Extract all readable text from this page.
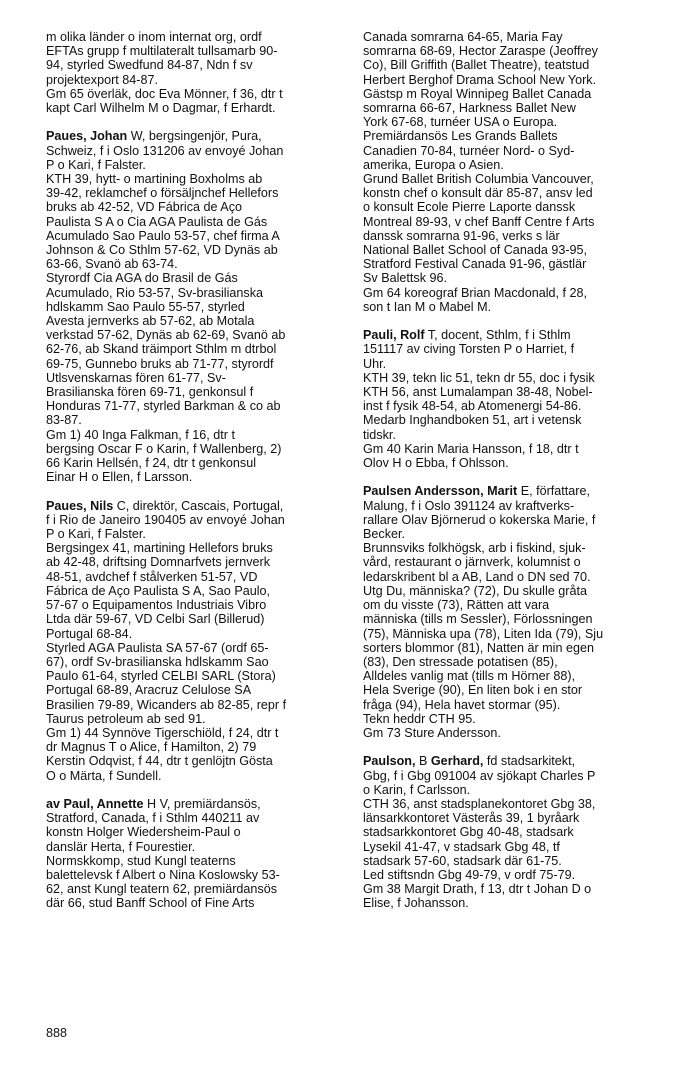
m olika länder o inom internat org, ordf
EFTAs grupp f multilateralt tullsamarb 90-
94, styrled Swedfund 84-87, Ndn f sv
projektexport 84-87.
Gm 65 överläk, doc Eva Mönner, f 36, dtr t
kapt Carl Wilhelm M o Dagmar, f Erhardt.
Paues, Johan W, bergsingenjör, Pura,
Schweiz, f i Oslo 131206 av envoyé Johan
P o Kari, f Falster.
KTH 39, hytt- o martining Boxholms ab
39-42, reklamchef o försäljnchef Hellefors
bruks ab 42-52, VD Fábrica de Aço
Paulista S A o Cia AGA Paulista de Gás
Acumulado Sao Paulo 53-57, chef firma A
Johnson & Co Sthlm 57-62, VD Dynäs ab
63-66, Svanö ab 63-74.
Styrordf Cia AGA do Brasil de Gás
Acumulado, Rio 53-57, Sv-brasilianska
hdlskamm Sao Paulo 55-57, styrled
Avesta jernverks ab 57-62, ab Motala
verkstad 57-62, Dynäs ab 62-69, Svanö ab
62-76, ab Skand träimport Sthlm m dtrbol
69-75, Gunnebo bruks ab 71-77, styrordf
Utlsvenskarnas fören 61-77, Sv-
Brasilianska fören 69-71, genkonsul f
Honduras 71-77, styrled Barkman & co ab
83-87.
Gm 1) 40 Inga Falkman, f 16, dtr t
bergsing Oscar F o Karin, f Wallenberg, 2)
66 Karin Hellsén, f 24, dtr t genkonsul
Einar H o Ellen, f Larsson.
Paues, Nils C, direktör, Cascais, Portugal,
f i Rio de Janeiro 190405 av envoyé Johan
P o Kari, f Falster.
Bergsingex 41, martining Hellefors bruks
ab 42-48, driftsing Domnarfvets jernverk
48-51, avdchef f stålverken 51-57, VD
Fábrica de Aço Paulista S A, Sao Paulo,
57-67 o Equipamentos Industriais Vibro
Ltda där 59-67, VD Celbi Sarl (Billerud)
Portugal 68-84.
Styrled AGA Paulista SA 57-67 (ordf 65-
67), ordf Sv-brasilianska hdlskamm Sao
Paulo 61-64, styrled CELBI SARL (Stora)
Portugal 68-89, Aracruz Celulose SA
Brasilien 79-89, Wicanders ab 82-85, repr f
Taurus petroleum ab sed 91.
Gm 1) 44 Synnöve Tigerschiöld, f 24, dtr t
dr Magnus T o Alice, f Hamilton, 2) 79
Kerstin Odqvist, f 44, dtr t genlöjtn Gösta
O o Märta, f Sundell.
av Paul, Annette H V, premiärdansös,
Stratford, Canada, f i Sthlm 440211 av
konstn Holger Wiedersheim-Paul o
danslär Herta, f Fourestier.
Normskkomp, stud Kungl teaterns
balettelevsk f Albert o Nina Koslowsky 53-
62, anst Kungl teatern 62, premiärdansös
där 66, stud Banff School of Fine Arts
Canada somrarna 64-65, Maria Fay
somrarna 68-69, Hector Zaraspe (Jeoffrey
Co), Bill Griffith (Ballet Theatre), teatstud
Herbert Berghof Drama School New York.
Gästsp m Royal Winnipeg Ballet Canada
somrarna 66-67, Harkness Ballet New
York 67-68, turnéer USA o Europa.
Premiärdansös Les Grands Ballets
Canadien 70-84, turnéer Nord- o Syd-
amerika, Europa o Asien.
Grund Ballet British Columbia Vancouver,
konstn chef o konsult där 85-87, ansv led
o konsult Ecole Pierre Laporte danssk
Montreal 89-93, v chef Banff Centre f Arts
danssk somrarna 91-96, verks s lär
National Ballet School of Canada 93-95,
Stratford Festival Canada 91-96, gästlär
Sv Balettsk 96.
Gm 64 koreograf Brian Macdonald, f 28,
son t Ian M o Mabel M.
Pauli, Rolf T, docent, Sthlm, f i Sthlm
151117 av civing Torsten P o Harriet, f
Uhr.
KTH 39, tekn lic 51, tekn dr 55, doc i fysik
KTH 56, anst Lumalampan 38-48, Nobel-
inst f fysik 48-54, ab Atomenergi 54-86.
Medarb Inghandboken 51, art i vetensk
tidskr.
Gm 40 Karin Maria Hansson, f 18, dtr t
Olov H o Ebba, f Ohlsson.
Paulsen Andersson, Marit E, författare,
Malung, f i Oslo 391124 av kraftverks-
rallare Olav Björnerud o kokerska Marie, f
Becker.
Brunnsviks folkhögsk, arb i fiskind, sjuk-
vård, restaurant o järnverk, kolumnist o
ledarskribent bl a AB, Land o DN sed 70.
Utg Du, människa? (72), Du skulle gråta
om du visste (73), Rätten att vara
människa (tills m Sessler), Förlossningen
(75), Människa upa (78), Liten Ida (79), Sju
sorters blommor (81), Natten är min egen
(83), Den stressade potatisen (85),
Alldeles vanlig mat (tills m Hörner 88),
Hela Sverige (90), En liten bok i en stor
fråga (94), Hela havet stormar (95).
Tekn heddr CTH 95.
Gm 73 Sture Andersson.
Paulson, B Gerhard, fd stadsarkitekt,
Gbg, f i Gbg 091004 av sjökapt Charles P
o Karin, f Carlsson.
CTH 36, anst stadsplanekontoret Gbg 38,
länsarkkontoret Västerås 39, 1 byråark
stadsarkkontoret Gbg 40-48, stadsark
Lysekil 41-47, v stadsark Gbg 48, tf
stadsark 57-60, stadsark där 61-75.
Led stiftsndn Gbg 49-79, v ordf 75-79.
Gm 38 Margit Drath, f 13, dtr t Johan D o
Elise, f Johansson.
888
